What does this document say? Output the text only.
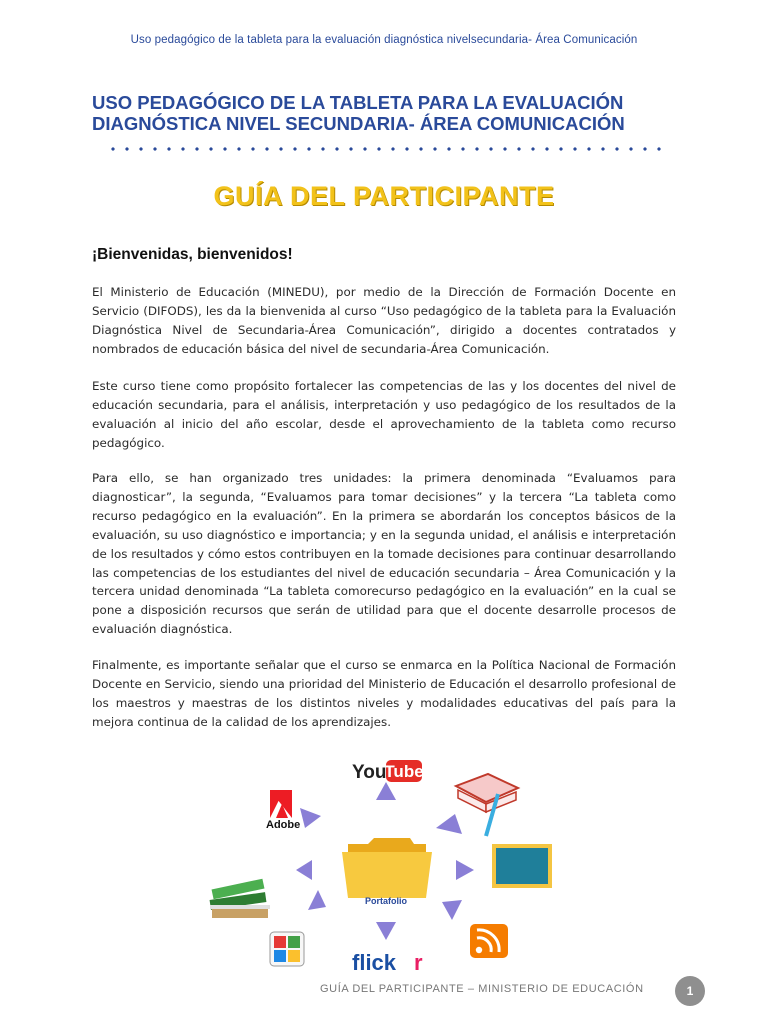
Uso pedagógico de la tableta para la evaluación diagnóstica nivelsecundaria- Área Comunicación
USO PEDAGÓGICO DE LA TABLETA PARA LA EVALUACIÓN
DIAGNÓSTICA NIVEL SECUNDARIA- ÁREA COMUNICACIÓN
GUÍA DEL PARTICIPANTE
¡Bienvenidas, bienvenidos!

El Ministerio de Educación (MINEDU), por medio de la Dirección de Formación Docente en Servicio (DIFODS), les da la bienvenida al curso “Uso pedagógico de la tableta para la Evaluación Diagnóstica Nivel de Secundaria-Área Comunicación”, dirigido a docentes contratados y nombrados de educación básica del nivel de secundaria-Área Comunicación.

Este curso tiene como propósito fortalecer las competencias de las y los docentes del nivel de educación secundaria, para el análisis, interpretación y uso pedagógico de los resultados de la evaluación al inicio del año escolar, desde el aprovechamiento de la tableta como recurso pedagógico.

Para ello, se han organizado tres unidades: la primera denominada “Evaluamos para diagnosticar”, la segunda, “Evaluamos para tomar decisiones” y la tercera “La tableta como recurso pedagógico en la evaluación”. En la primera se abordarán los conceptos básicos de la evaluación, su uso diagnóstico e importancia; y en la segunda unidad, el análisis e interpretación de los resultados y cómo estos contribuyen en la tomade decisiones para continuar desarrollando las competencias de los estudiantes del nivel de educación secundaria – Área Comunicación y la tercera unidad denominada “La tableta comorecurso pedagógico en la evaluación” en la cual se pone a disposición recursos que serán de utilidad para que el docente desarrolle procesos de evaluación diagnóstica.

Finalmente, es importante señalar que el curso se enmarca en la Política Nacional de Formación Docente en Servicio, siendo una prioridad del Ministerio de Educación el desarrollo profesional de los maestros y maestras de los distintos niveles y modalidades educativas del país para la mejora continua de la calidad de los aprendizajes.

Portafolio
You
Tube
Adobe
flick r
GUÍA DEL PARTICIPANTE – MINISTERIO DE EDUCACIÓN	1
